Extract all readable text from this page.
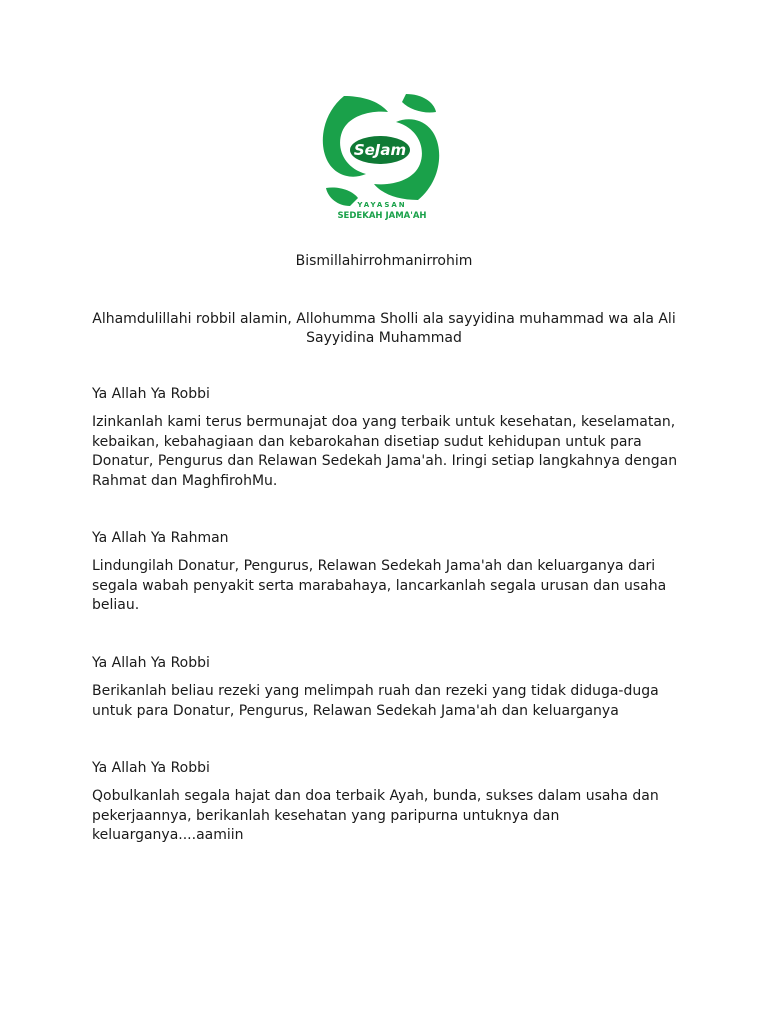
SeJam
YAYASAN
SEDEKAH JAMA'AH
Bismillahirrohmanirrohim
Alhamdulillahi robbil alamin, Allohumma Sholli ala sayyidina muhammad wa ala Ali Sayyidina Muhammad
Ya Allah Ya Robbi
Izinkanlah kami terus bermunajat doa yang terbaik untuk kesehatan, keselamatan, kebaikan, kebahagiaan dan kebarokahan disetiap sudut kehidupan untuk para Donatur, Pengurus dan Relawan Sedekah Jama'ah. Iringi setiap langkahnya dengan Rahmat dan MaghfirohMu.
Ya Allah Ya Rahman
Lindungilah Donatur, Pengurus, Relawan Sedekah Jama'ah dan keluarganya dari segala wabah penyakit serta marabahaya, lancarkanlah segala urusan dan usaha beliau.
Ya Allah Ya Robbi
Berikanlah beliau rezeki yang melimpah ruah dan rezeki yang tidak diduga-duga untuk para Donatur, Pengurus, Relawan Sedekah Jama'ah dan keluarganya
Ya Allah Ya Robbi
Qobulkanlah segala hajat dan doa terbaik Ayah, bunda, sukses dalam usaha dan pekerjaannya, berikanlah kesehatan yang paripurna untuknya dan keluarganya....aamiin
